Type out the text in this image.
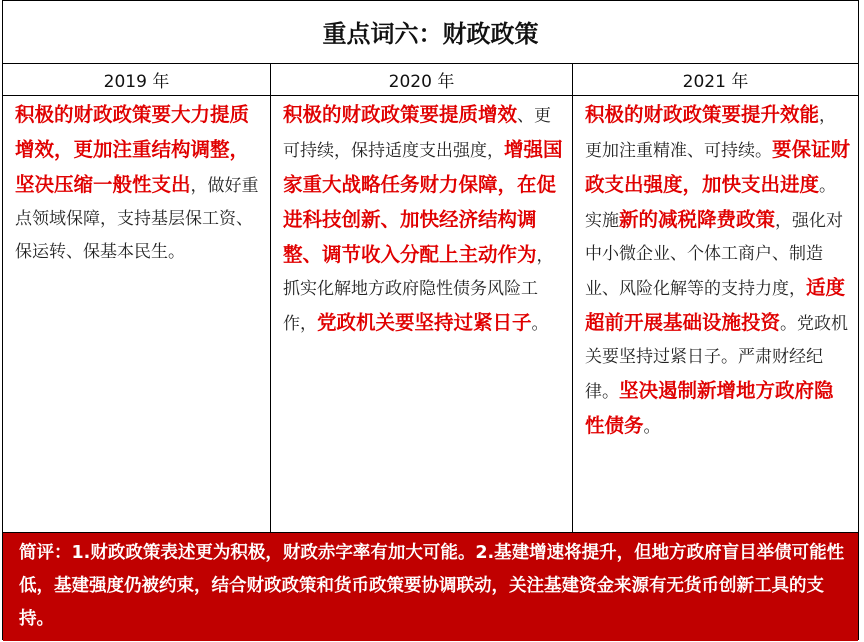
重点词六：财政政策
2019 年	2020 年	2021 年
积极的财政政策要大力提质增效，更加注重结构调整，坚决压缩一般性支出，做好重点领域保障，支持基层保工资、保运转、保基本民生。
积极的财政政策要提质增效、更可持续，保持适度支出强度，增强国家重大战略任务财力保障，在促进科技创新、加快经济结构调整、调节收入分配上主动作为，抓实化解地方政府隐性债务风险工作，党政机关要坚持过紧日子。
积极的财政政策要提升效能，更加注重精准、可持续。要保证财政支出强度，加快支出进度。实施新的减税降费政策，强化对中小微企业、个体工商户、制造业、风险化解等的支持力度，适度超前开展基础设施投资。党政机关要坚持过紧日子。严肃财经纪律。坚决遏制新增地方政府隐性债务。
简评：1.财政政策表述更为积极，财政赤字率有加大可能。2.基建增速将提升，但地方政府盲目举债可能性低，基建强度仍被约束，结合财政政策和货币政策要协调联动，关注基建资金来源有无货币创新工具的支持。
